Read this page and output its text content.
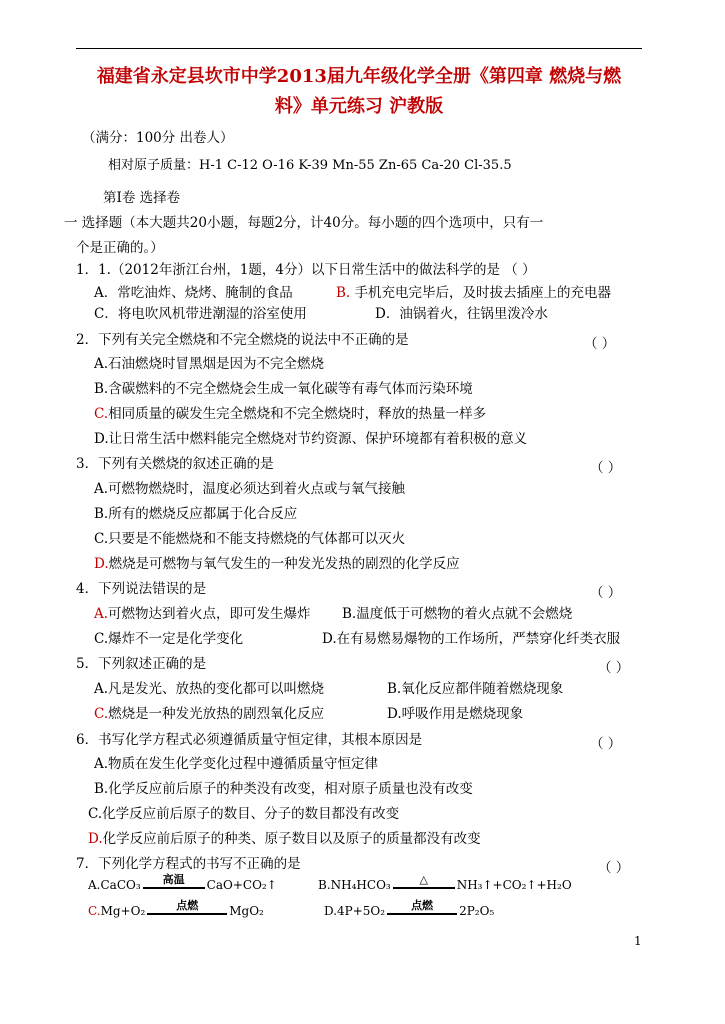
福建省永定县坎市中学2013届九年级化学全册《第四章 燃烧与燃
料》单元练习 沪教版
（满分：100分 出卷人）
相对原子质量：H-1 C-12 O-16 K-39 Mn-55 Zn-65 Ca-20 Cl-35.5
第Ⅰ卷 选择卷
一 选择题（本大题共20小题，每题2分，计40分。每小题的四个选项中，只有一
个是正确的。）
1．1.（2012年浙江台州，1题，4分）以下日常生活中的做法科学的是 （ ）
A．常吃油炸、烧烤、腌制的食品	B. 手机充电完毕后，及时拔去插座上的充电器
C．将电吹风机带进潮湿的浴室使用	D．油锅着火，往锅里泼冷水
2．下列有关完全燃烧和不完全燃烧的说法中不正确的是	（ ）
A.石油燃烧时冒黑烟是因为不完全燃烧
B.含碳燃料的不完全燃烧会生成一氧化碳等有毒气体而污染环境
C.相同质量的碳发生完全燃烧和不完全燃烧时，释放的热量一样多
D.让日常生活中燃料能完全燃烧对节约资源、保护环境都有着积极的意义
3．下列有关燃烧的叙述正确的是	（ ）
A.可燃物燃烧时，温度必须达到着火点或与氧气接触
B.所有的燃烧反应都属于化合反应
C.只要是不能燃烧和不能支持燃烧的气体都可以灭火
D.燃烧是可燃物与氧气发生的一种发光发热的剧烈的化学反应
4．下列说法错误的是	（ ）
A.可燃物达到着火点，即可发生爆炸 B.温度低于可燃物的着火点就不会燃烧
C.爆炸不一定是化学变化	D.在有易燃易爆物的工作场所，严禁穿化纤类衣服
5．下列叙述正确的是	（ ）
A.凡是发光、放热的变化都可以叫燃烧	B.氧化反应都伴随着燃烧现象
C.燃烧是一种发光放热的剧烈氧化反应	D.呼吸作用是燃烧现象
6．书写化学方程式必须遵循质量守恒定律，其根本原因是	（ ）
A.物质在发生化学变化过程中遵循质量守恒定律
B.化学反应前后原子的种类没有改变，相对原子质量也没有改变
C.化学反应前后原子的数目、分子的数目都没有改变
D.化学反应前后原子的种类、原子数目以及原子的质量都没有改变
7．下列化学方程式的书写不正确的是	（ ）
A.CaCO₃	高温	CaO+CO₂↑	B.NH₄HCO₃	△	NH₃↑+CO₂↑+H₂O
C.Mg+O₂	点燃	MgO₂	D.4P+5O₂	点燃	2P₂O₅
1
